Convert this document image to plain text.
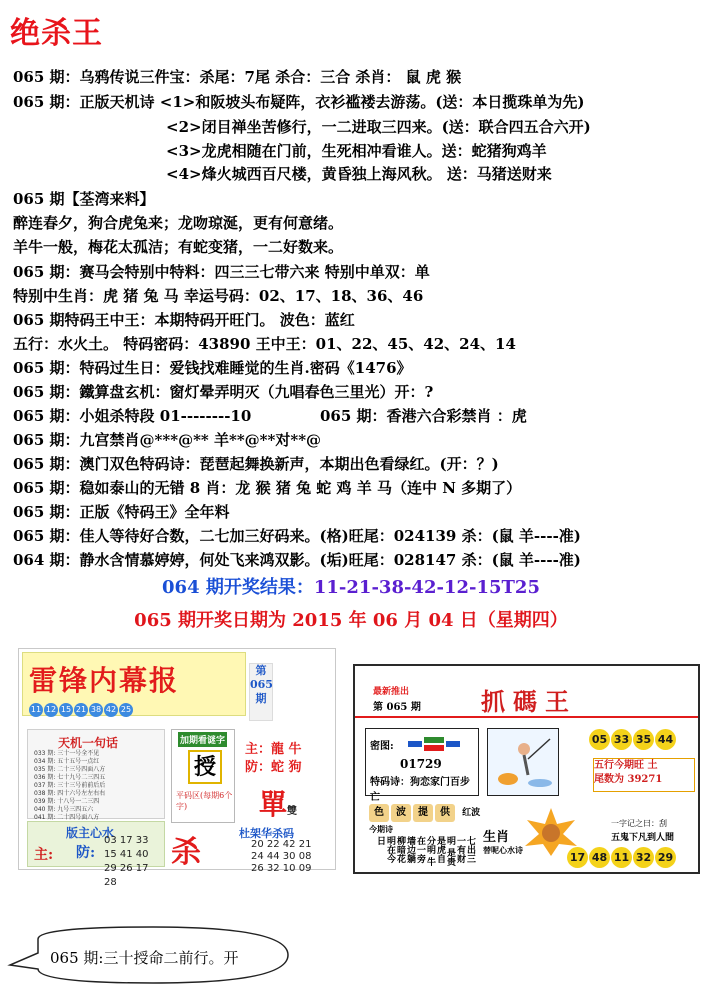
绝杀王
065 期：乌鸦传说三件宝：杀尾：7尾 杀合：三合 杀肖： 鼠 虎 猴
065 期：正版天机诗 <1>和阪坡头布疑阵，衣衫褴褛去游荡。(送：本日揽珠单为先)
<2>闭目禅坐苦修行，一二进取三四来。(送：联合四五合六开)
<3>龙虎相随在门前，生死相冲看谁人。送：蛇猪狗鸡羊
<4>烽火城西百尺楼，黄昏独上海风秋。 送：马猪送财来
065 期【荃湾来料】
醉连春夕，狗合虎兔来；龙吻琼涎，更有何意绪。
羊牛一般，梅花太孤洁；有蛇变猪，一二好数来。
065 期：赛马会特别中特料：四三三七带六来 特别中单双：单
特别中生肖：虎 猪 兔 马 幸运号码：02、17、18、36、46
065 期特码王中王：本期特码开旺门。 波色：蓝红
五行：水火土。 特码密码：43890 王中王：01、22、45、42、24、14
065 期：特码过生日：爱钱找难睡觉的生肖.密码《1476》
065 期：鐵算盘玄机：窗灯晕弄明灭（九唱春色三里光）开：?
065 期：小姐杀特段 01--------10	065 期：香港六合彩禁肖 ：虎
065 期：九宫禁肖@***@** 羊**@**对**@
065 期：澳门双色特码诗：琵琶起舞换新声，本期出色看绿红。(开：？)
065 期：稳如泰山的无错 8 肖：龙 猴 猪 兔 蛇 鸡 羊 马（连中 N 多期了）
065 期：正版《特码王》全年料
065 期：佳人等待好合数，二七加三好码来。(格)旺尾：024139 杀：(鼠 羊----准)
064 期：静水含情慕婷婷，何处飞来鸿双影。(垢)旺尾：028147 杀：(鼠 羊----准)
064 期开奖结果：11-21-38-42-12-15T25
065 期开奖日期为 2015 年 06 月 04 日（星期四）
雷锋内幕报
11 12 15 21 38 42 25
第 065 期
天机一句话
033 期: 三十一号全不见
034 期: 五十五号一点红
035 期: 二十三号四面八方
036 期: 七十九号二三四五
037 期: 三十三号前前后后
038 期: 四十六号左左右右
039 期: 十八号一二三四
040 期: 九号三四五六
041 期: 二十四号面八方
版主心水
主: 防:
03 17 33
15 41 40
29 26 17 28
加期看谜字
授
平码区(每期6个字)
主：龍 牛
防：蛇 狗
單雙
杀
杜架华杀码
20 22 42 21
24 44 30 08
26 32 10 09
最新推出
第 065 期	抓碼王
密图:
01729
特码诗：狗恋家门百步亡
05 33 35 44
五行今期旺 土
尾数为 39271
色 波 提 供 红波
今期诗
七出三一有财明 是贵是虎自分明 牛在一旁墙边躺 柳暗花明在今日	生肖
替呢心水诗
一字记之曰：刮
五鬼下凡到人間
17 48 11 32 29
065 期:三十授命二前行。开
